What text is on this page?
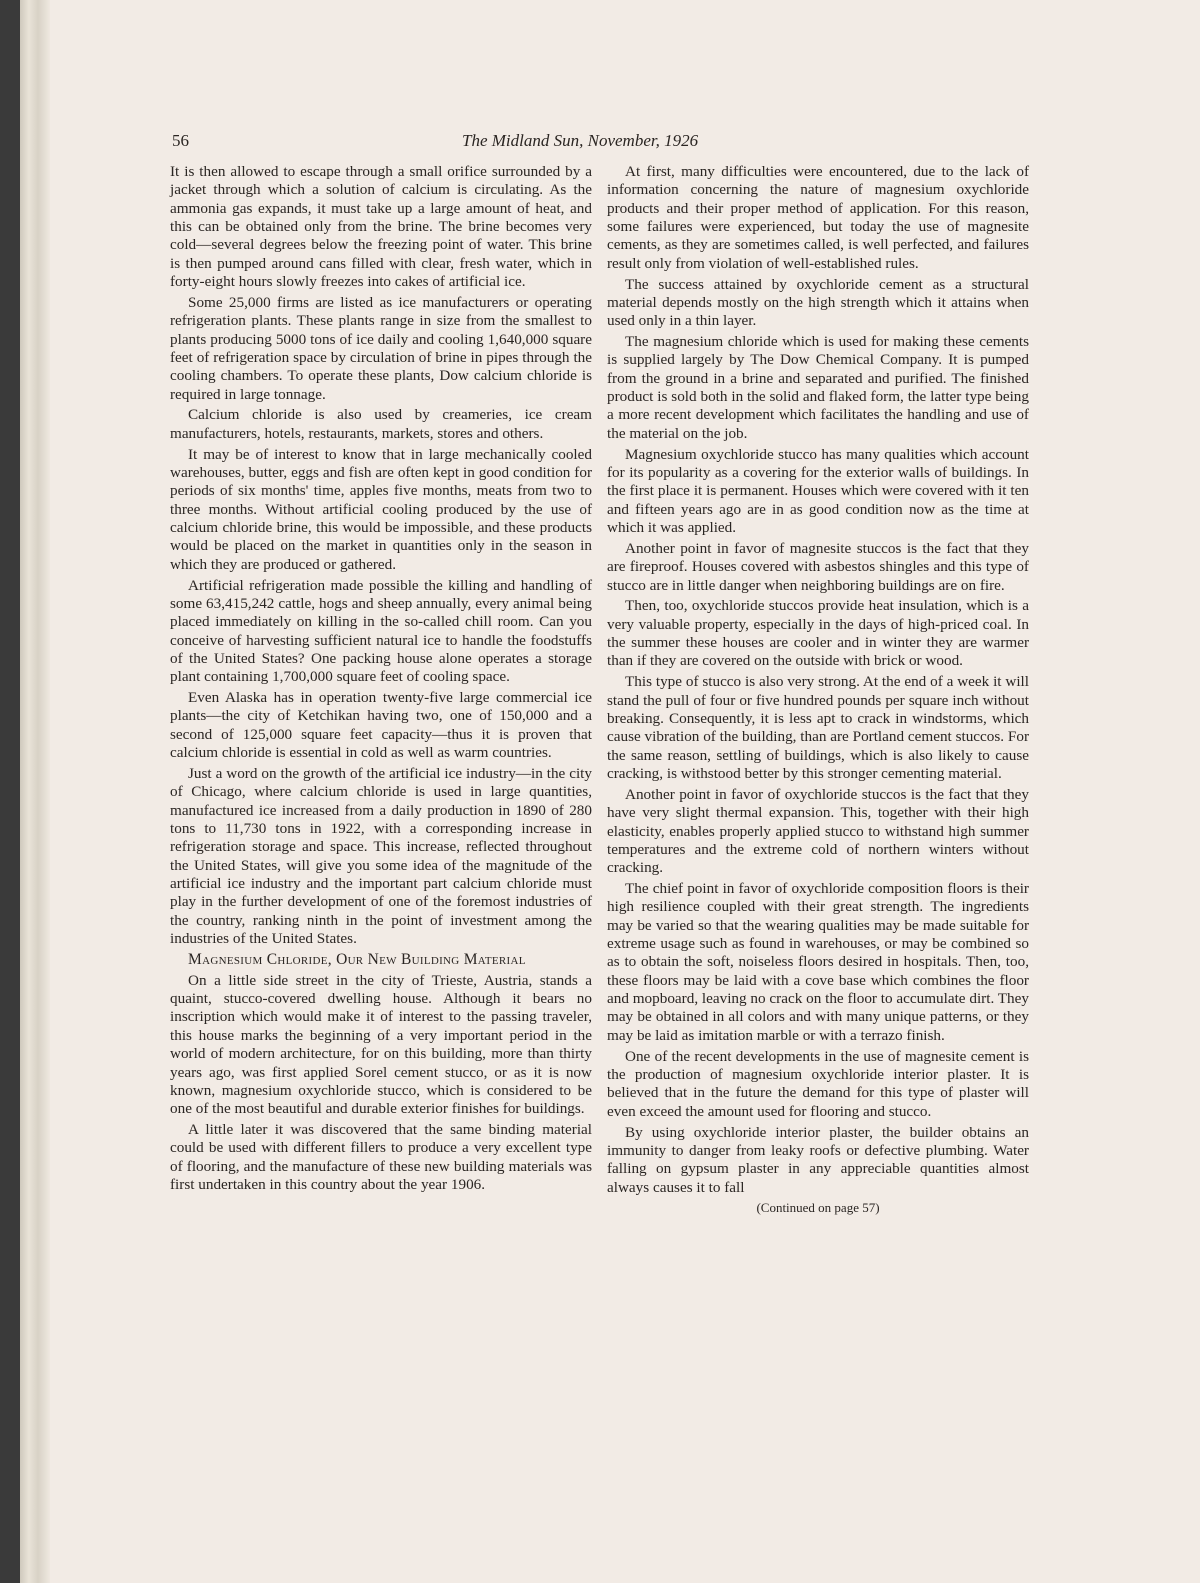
56	The Midland Sun, November, 1926

It is then allowed to escape through a small orifice surrounded by a jacket through which a solution of calcium is circulating. As the ammonia gas expands, it must take up a large amount of heat, and this can be obtained only from the brine. The brine becomes very cold—several degrees below the freezing point of water. This brine is then pumped around cans filled with clear, fresh water, which in forty-eight hours slowly freezes into cakes of artificial ice.

Some 25,000 firms are listed as ice manufacturers or operating refrigeration plants. These plants range in size from the smallest to plants producing 5000 tons of ice daily and cooling 1,640,000 square feet of refrigeration space by circulation of brine in pipes through the cooling chambers. To operate these plants, Dow calcium chloride is required in large tonnage.

Calcium chloride is also used by creameries, ice cream manufacturers, hotels, restaurants, markets, stores and others.

It may be of interest to know that in large mechanically cooled warehouses, butter, eggs and fish are often kept in good condition for periods of six months' time, apples five months, meats from two to three months. Without artificial cooling produced by the use of calcium chloride brine, this would be impossible, and these products would be placed on the market in quantities only in the season in which they are produced or gathered.

Artificial refrigeration made possible the killing and handling of some 63,415,242 cattle, hogs and sheep annually, every animal being placed immediately on killing in the so-called chill room. Can you conceive of harvesting sufficient natural ice to handle the foodstuffs of the United States? One packing house alone operates a storage plant containing 1,700,000 square feet of cooling space.

Even Alaska has in operation twenty-five large commercial ice plants—the city of Ketchikan having two, one of 150,000 and a second of 125,000 square feet capacity—thus it is proven that calcium chloride is essential in cold as well as warm countries.

Just a word on the growth of the artificial ice industry—in the city of Chicago, where calcium chloride is used in large quantities, manufactured ice increased from a daily production in 1890 of 280 tons to 11,730 tons in 1922, with a corresponding increase in refrigeration storage and space. This increase, reflected throughout the United States, will give you some idea of the magnitude of the artificial ice industry and the important part calcium chloride must play in the further development of one of the foremost industries of the country, ranking ninth in the point of investment among the industries of the United States.

Magnesium Chloride, Our New Building Material

On a little side street in the city of Trieste, Austria, stands a quaint, stucco-covered dwelling house. Although it bears no inscription which would make it of interest to the passing traveler, this house marks the beginning of a very important period in the world of modern architecture, for on this building, more than thirty years ago, was first applied Sorel cement stucco, or as it is now known, magnesium oxychloride stucco, which is considered to be one of the most beautiful and durable exterior finishes for buildings.

A little later it was discovered that the same binding material could be used with different fillers to produce a very excellent type of flooring, and the manufacture of these new building materials was first undertaken in this country about the year 1906.

At first, many difficulties were encountered, due to the lack of information concerning the nature of magnesium oxychloride products and their proper method of application. For this reason, some failures were experienced, but today the use of magnesite cements, as they are sometimes called, is well perfected, and failures result only from violation of well-established rules.

The success attained by oxychloride cement as a structural material depends mostly on the high strength which it attains when used only in a thin layer.

The magnesium chloride which is used for making these cements is supplied largely by The Dow Chemical Company. It is pumped from the ground in a brine and separated and purified. The finished product is sold both in the solid and flaked form, the latter type being a more recent development which facilitates the handling and use of the material on the job.

Magnesium oxychloride stucco has many qualities which account for its popularity as a covering for the exterior walls of buildings. In the first place it is permanent. Houses which were covered with it ten and fifteen years ago are in as good condition now as the time at which it was applied.

Another point in favor of magnesite stuccos is the fact that they are fireproof. Houses covered with asbestos shingles and this type of stucco are in little danger when neighboring buildings are on fire.

Then, too, oxychloride stuccos provide heat insulation, which is a very valuable property, especially in the days of high-priced coal. In the summer these houses are cooler and in winter they are warmer than if they are covered on the outside with brick or wood.

This type of stucco is also very strong. At the end of a week it will stand the pull of four or five hundred pounds per square inch without breaking. Consequently, it is less apt to crack in windstorms, which cause vibration of the building, than are Portland cement stuccos. For the same reason, settling of buildings, which is also likely to cause cracking, is withstood better by this stronger cementing material.

Another point in favor of oxychloride stuccos is the fact that they have very slight thermal expansion. This, together with their high elasticity, enables properly applied stucco to withstand high summer temperatures and the extreme cold of northern winters without cracking.

The chief point in favor of oxychloride composition floors is their high resilience coupled with their great strength. The ingredients may be varied so that the wearing qualities may be made suitable for extreme usage such as found in warehouses, or may be combined so as to obtain the soft, noiseless floors desired in hospitals. Then, too, these floors may be laid with a cove base which combines the floor and mopboard, leaving no crack on the floor to accumulate dirt. They may be obtained in all colors and with many unique patterns, or they may be laid as imitation marble or with a terrazo finish.

One of the recent developments in the use of magnesite cement is the production of magnesium oxychloride interior plaster. It is believed that in the future the demand for this type of plaster will even exceed the amount used for flooring and stucco.

By using oxychloride interior plaster, the builder obtains an immunity to danger from leaky roofs or defective plumbing. Water falling on gypsum plaster in any appreciable quantities almost always causes it to fall

(Continued on page 57)
